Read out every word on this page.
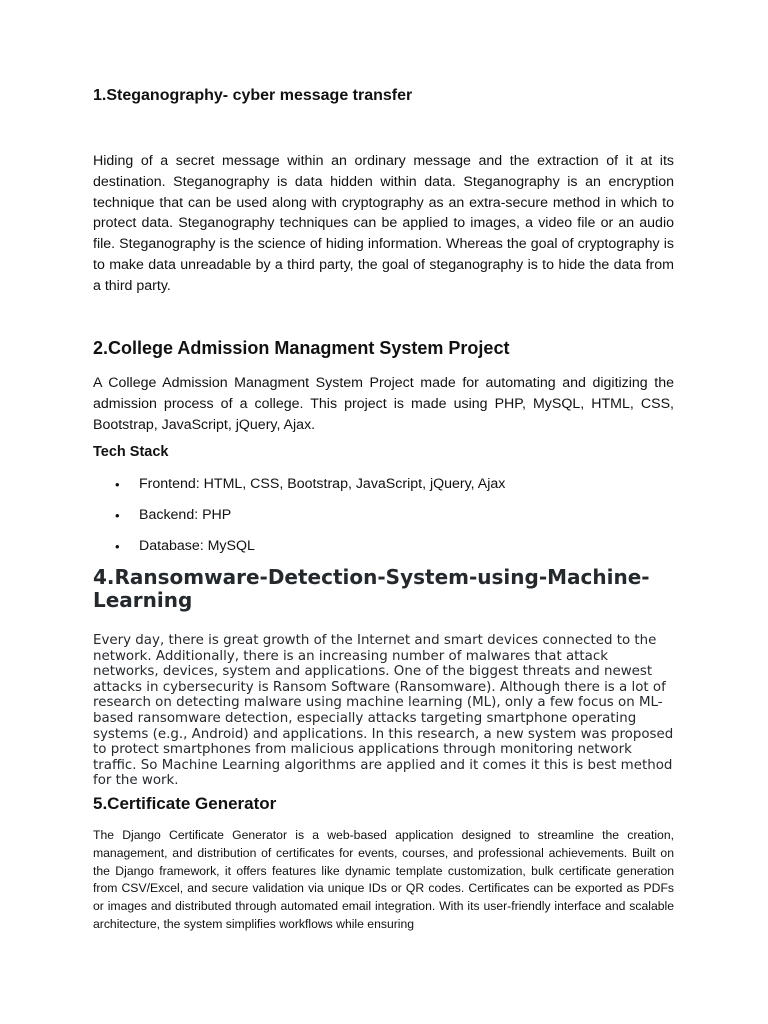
1.Steganography- cyber message transfer

Hiding of a secret message within an ordinary message and the extraction of it at its destination. Steganography is data hidden within data. Steganography is an encryption technique that can be used along with cryptography as an extra-secure method in which to protect data. Steganography techniques can be applied to images, a video file or an audio file. Steganography is the science of hiding information. Whereas the goal of cryptography is to make data unreadable by a third party, the goal of steganography is to hide the data from a third party.

2.College Admission Managment System Project

A College Admission Managment System Project made for automating and digitizing the admission process of a college. This project is made using PHP, MySQL, HTML, CSS, Bootstrap, JavaScript, jQuery, Ajax.

Tech Stack
• Frontend: HTML, CSS, Bootstrap, JavaScript, jQuery, Ajax
• Backend: PHP
• Database: MySQL
4.Ransomware-Detection-System-using-Machine-Learning

Every day, there is great growth of the Internet and smart devices connected to the network. Additionally, there is an increasing number of malwares that attack networks, devices, system and applications. One of the biggest threats and newest attacks in cybersecurity is Ransom Software (Ransomware). Although there is a lot of research on detecting malware using machine learning (ML), only a few focus on ML-based ransomware detection, especially attacks targeting smartphone operating systems (e.g., Android) and applications. In this research, a new system was proposed to protect smartphones from malicious applications through monitoring network traffic. So Machine Learning algorithms are applied and it comes it this is best method for the work.

5.Certificate Generator

The Django Certificate Generator is a web-based application designed to streamline the creation, management, and distribution of certificates for events, courses, and professional achievements. Built on the Django framework, it offers features like dynamic template customization, bulk certificate generation from CSV/Excel, and secure validation via unique IDs or QR codes. Certificates can be exported as PDFs or images and distributed through automated email integration. With its user-friendly interface and scalable architecture, the system simplifies workflows while ensuring
